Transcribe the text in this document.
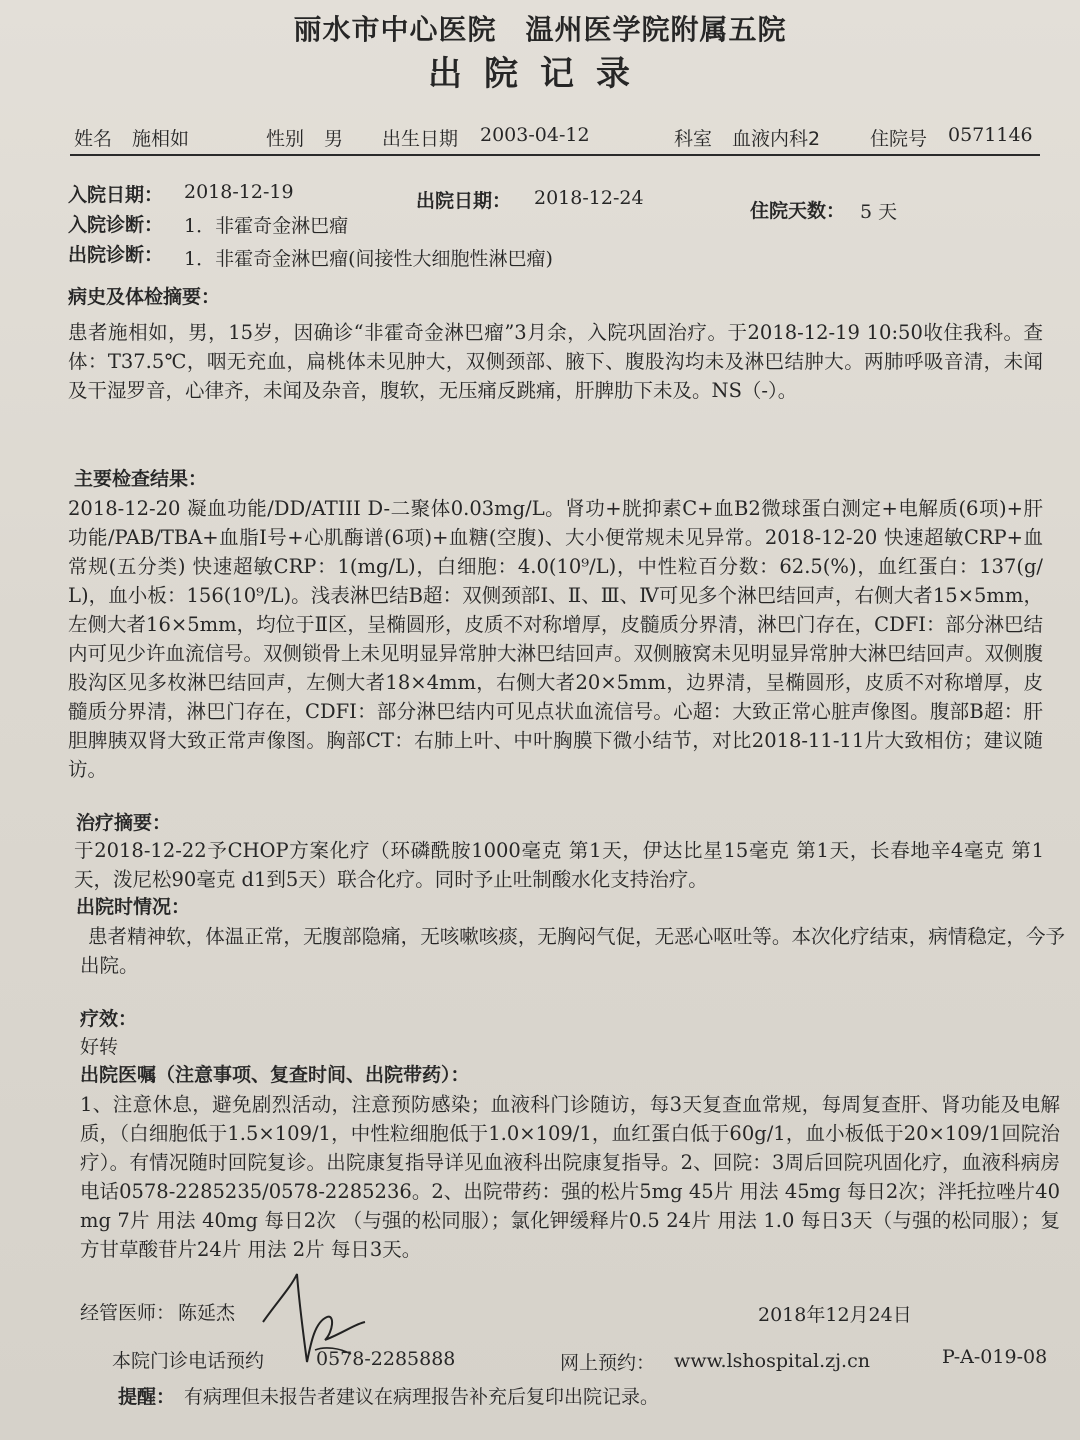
丽水市中心医院　温州医学院附属五院
出院记录
姓名 施相如	性别 男 出生日期 2003-04-12	科室 血液内科2	住院号 0571146
入院日期： 2018-12-19	出院日期： 2018-12-24
住院天数： 5 天
入院诊断： 1．非霍奇金淋巴瘤
出院诊断： 1．非霍奇金淋巴瘤(间接性大细胞性淋巴瘤)
病史及体检摘要：

患者施相如，男，15岁，因确诊“非霍奇金淋巴瘤”3月余，入院巩固治疗。于2018-12-19 10:50收住我科。查体：T37.5℃，咽无充血，扁桃体未见肿大，双侧颈部、腋下、腹股沟均未及淋巴结肿大。两肺呼吸音清，未闻及干湿罗音，心律齐，未闻及杂音，腹软，无压痛反跳痛，肝脾肋下未及。NS（-）。

主要检查结果：

2018-12-20 凝血功能/DD/ATIII D-二聚体0.03mg/L。肾功+胱抑素C+血B2微球蛋白测定+电解质(6项)+肝功能/PAB/TBA+血脂Ⅰ号+心肌酶谱(6项)+血糖(空腹)、大小便常规未见异常。2018-12-20 快速超敏CRP+血常规(五分类) 快速超敏CRP：1(mg/L)，白细胞：4.0(10⁹/L)，中性粒百分数：62.5(%)，血红蛋白：137(g/L)，血小板：156(10⁹/L)。浅表淋巴结B超：双侧颈部Ⅰ、Ⅱ、Ⅲ、Ⅳ可见多个淋巴结回声，右侧大者15×5mm，左侧大者16×5mm，均位于Ⅱ区，呈椭圆形，皮质不对称增厚，皮髓质分界清，淋巴门存在，CDFI：部分淋巴结内可见少许血流信号。双侧锁骨上未见明显异常肿大淋巴结回声。双侧腋窝未见明显异常肿大淋巴结回声。双侧腹股沟区见多枚淋巴结回声，左侧大者18×4mm，右侧大者20×5mm，边界清，呈椭圆形，皮质不对称增厚，皮髓质分界清，淋巴门存在，CDFI：部分淋巴结内可见点状血流信号。心超：大致正常心脏声像图。腹部B超：肝胆脾胰双肾大致正常声像图。胸部CT：右肺上叶、中叶胸膜下微小结节，对比2018-11-11片大致相仿；建议随访。

治疗摘要：

于2018-12-22予CHOP方案化疗（环磷酰胺1000毫克 第1天，伊达比星15毫克 第1天，长春地辛4毫克 第1天，泼尼松90毫克 d1到5天）联合化疗。同时予止吐制酸水化支持治疗。

出院时情况：

患者精神软，体温正常，无腹部隐痛，无咳嗽咳痰，无胸闷气促，无恶心呕吐等。本次化疗结束，病情稳定，今予出院。

疗效：
好转
出院医嘱（注意事项、复查时间、出院带药）：

1、注意休息，避免剧烈活动，注意预防感染；血液科门诊随访，每3天复查血常规，每周复查肝、肾功能及电解质，（白细胞低于1.5×109/1，中性粒细胞低于1.0×109/1，血红蛋白低于60g/1，血小板低于20×109/1回院治疗）。有情况随时回院复诊。出院康复指导详见血液科出院康复指导。2、回院：3周后回院巩固化疗，血液科病房电话0578-2285235/0578-2285236。2、出院带药：强的松片5mg 45片 用法 45mg 每日2次；泮托拉唑片40mg 7片 用法 40mg 每日2次 （与强的松同服）；氯化钾缓释片0.5 24片 用法 1.0 每日3天（与强的松同服）；复方甘草酸苷片24片 用法 2片 每日3天。

经管医师： 陈延杰	2018年12月24日
本院门诊电话预约	0578-2285888	网上预约： www.lshospital.zj.cn	P-A-019-08
提醒： 有病理但未报告者建议在病理报告补充后复印出院记录。
